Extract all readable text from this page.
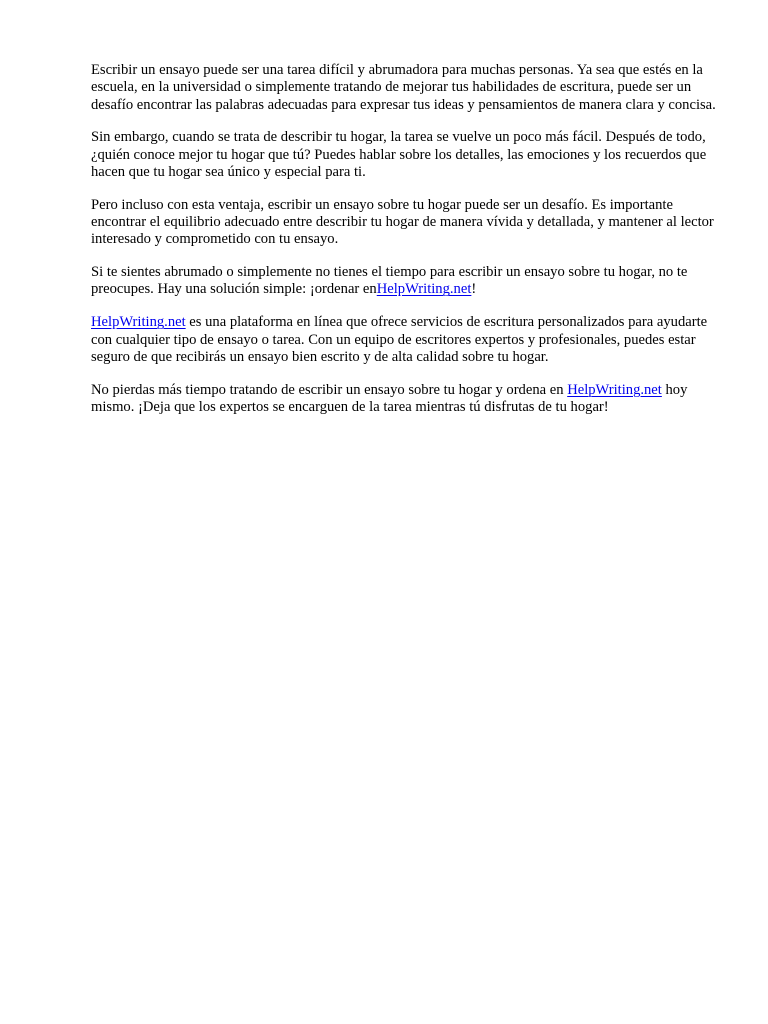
Escribir un ensayo puede ser una tarea difícil y abrumadora para muchas personas. Ya sea que estés en la escuela, en la universidad o simplemente tratando de mejorar tus habilidades de escritura, puede ser un desafío encontrar las palabras adecuadas para expresar tus ideas y pensamientos de manera clara y concisa.

Sin embargo, cuando se trata de describir tu hogar, la tarea se vuelve un poco más fácil. Después de todo, ¿quién conoce mejor tu hogar que tú? Puedes hablar sobre los detalles, las emociones y los recuerdos que hacen que tu hogar sea único y especial para ti.

Pero incluso con esta ventaja, escribir un ensayo sobre tu hogar puede ser un desafío. Es importante encontrar el equilibrio adecuado entre describir tu hogar de manera vívida y detallada, y mantener al lector interesado y comprometido con tu ensayo.

Si te sientes abrumado o simplemente no tienes el tiempo para escribir un ensayo sobre tu hogar, no te preocupes. Hay una solución simple: ¡ordenar enHelpWriting.net!

HelpWriting.net es una plataforma en línea que ofrece servicios de escritura personalizados para ayudarte con cualquier tipo de ensayo o tarea. Con un equipo de escritores expertos y profesionales, puedes estar seguro de que recibirás un ensayo bien escrito y de alta calidad sobre tu hogar.

No pierdas más tiempo tratando de escribir un ensayo sobre tu hogar y ordena en HelpWriting.net hoy mismo. ¡Deja que los expertos se encarguen de la tarea mientras tú disfrutas de tu hogar!
